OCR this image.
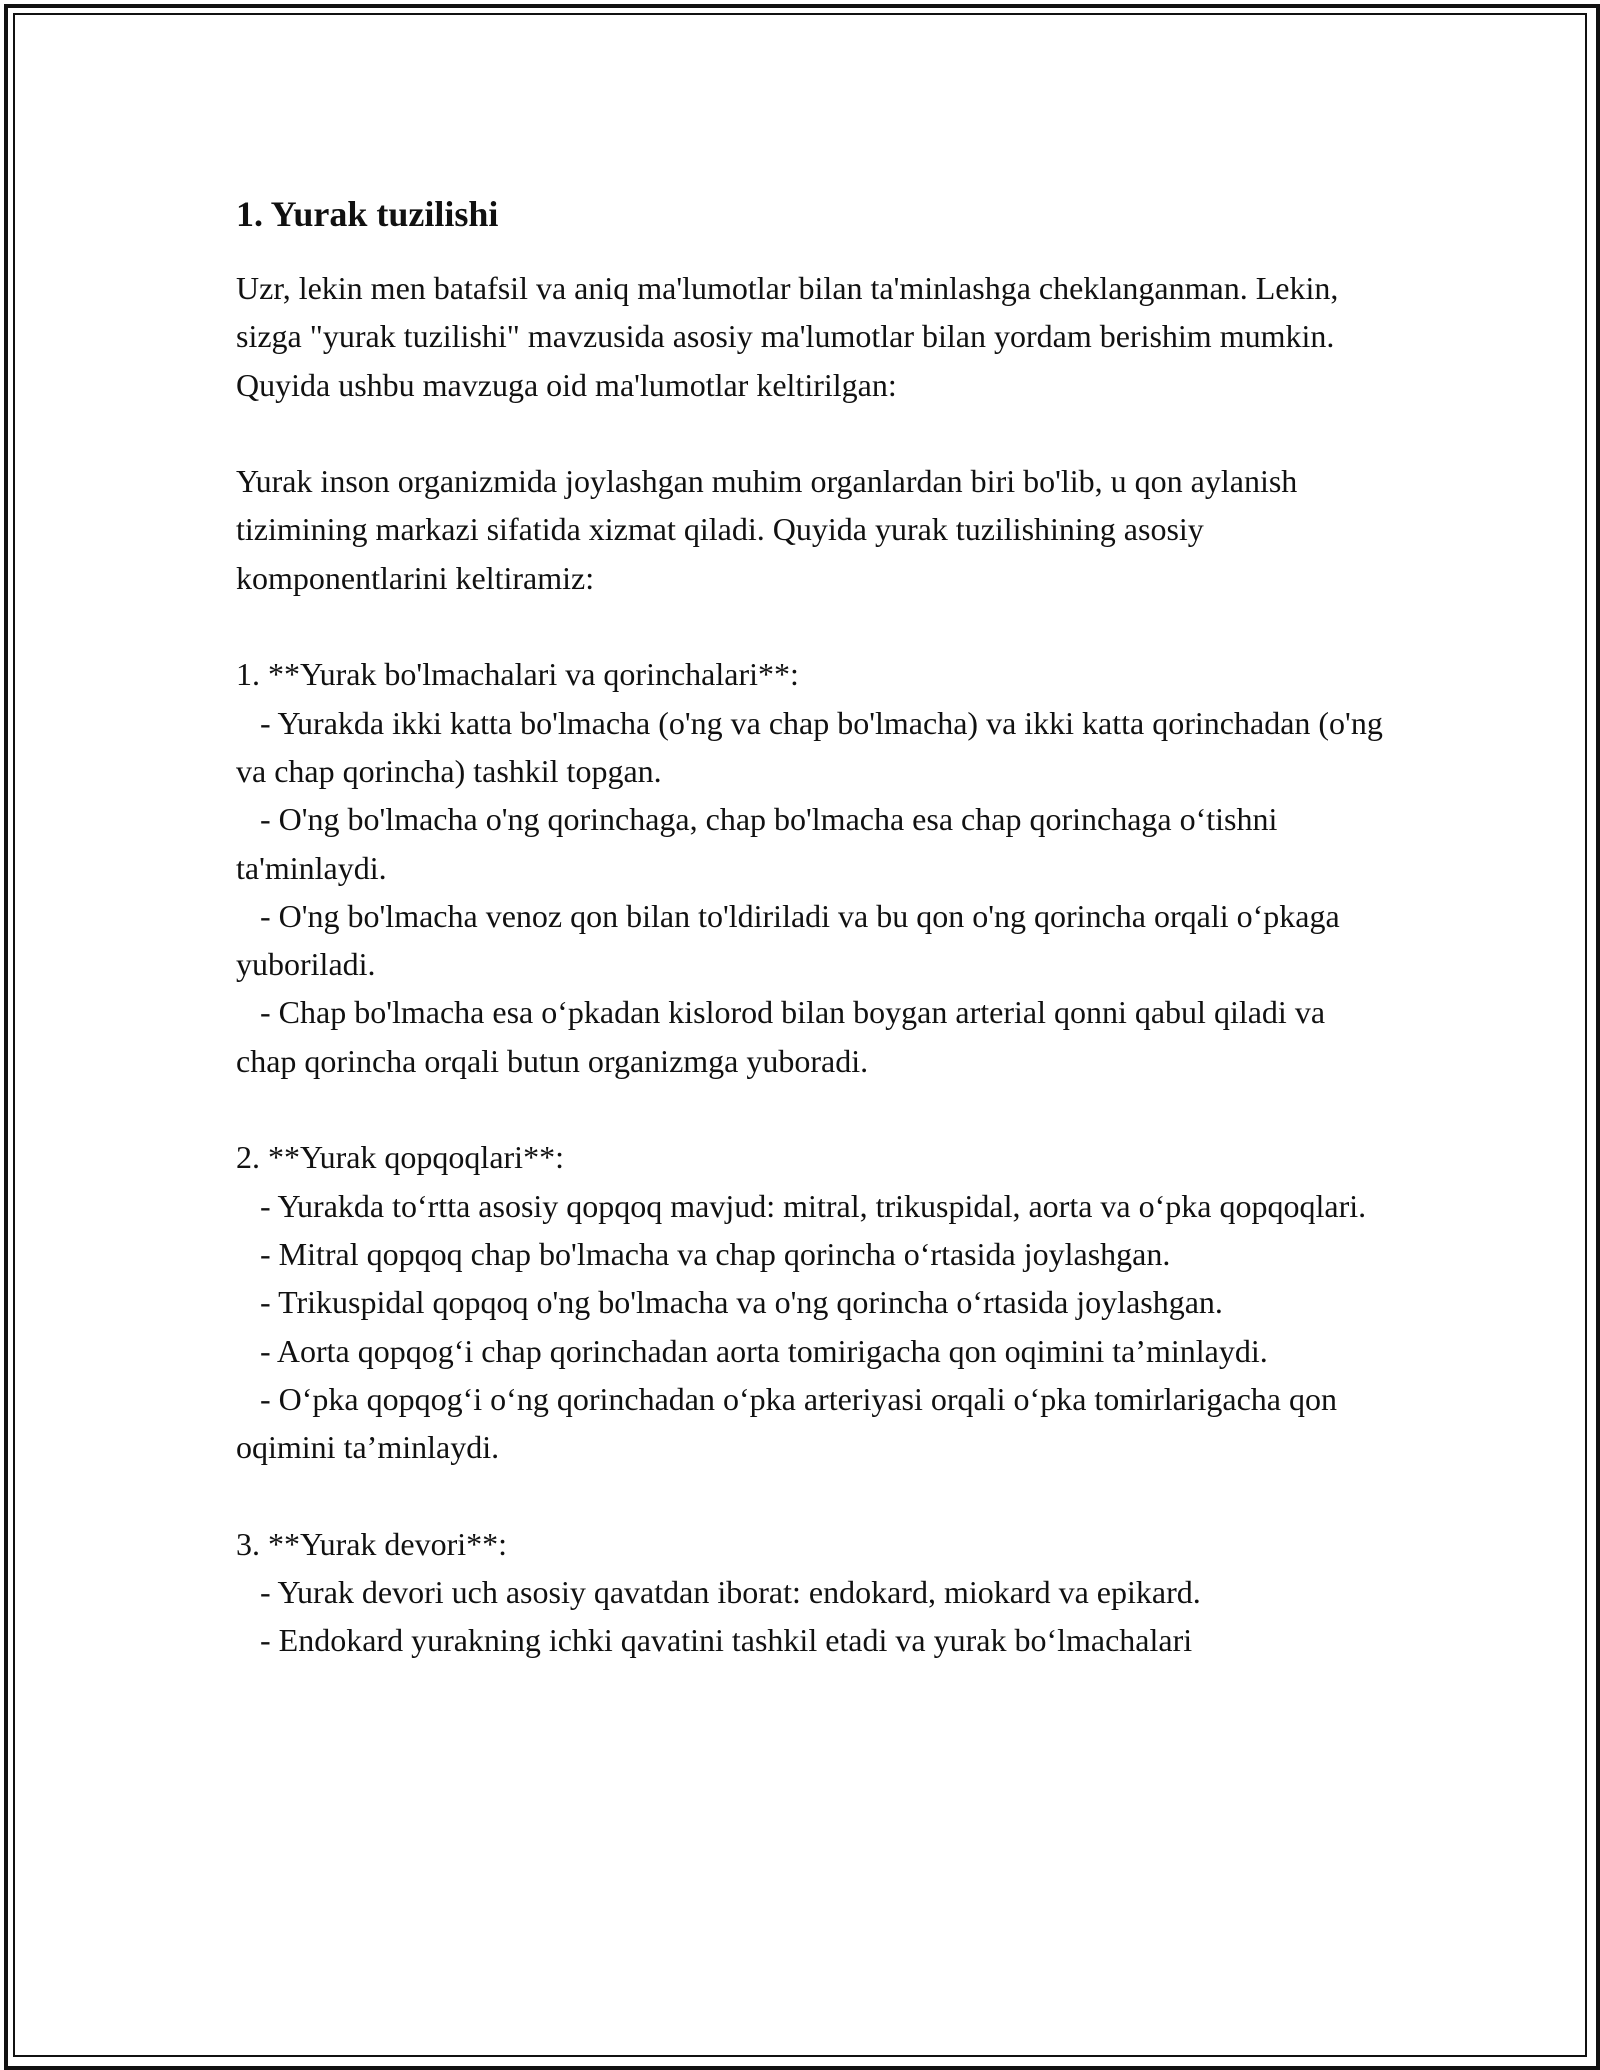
1. Yurak tuzilishi

Uzr, lekin men batafsil va aniq ma'lumotlar bilan ta'minlashga cheklanganman. Lekin, sizga "yurak tuzilishi" mavzusida asosiy ma'lumotlar bilan yordam berishim mumkin. Quyida ushbu mavzuga oid ma'lumotlar keltirilgan:

Yurak inson organizmida joylashgan muhim organlardan biri bo'lib, u qon aylanish tizimining markazi sifatida xizmat qiladi. Quyida yurak tuzilishining asosiy komponentlarini keltiramiz:

1. **Yurak bo'lmachalari va qorinchalari**:

- Yurakda ikki katta bo'lmacha (o'ng va chap bo'lmacha) va ikki katta qorinchadan (o'ng va chap qorincha) tashkil topgan.

- O'ng bo'lmacha o'ng qorinchaga, chap bo'lmacha esa chap qorinchaga o‘tishni ta'minlaydi.

- O'ng bo'lmacha venoz qon bilan to'ldiriladi va bu qon o'ng qorincha orqali o‘pkaga yuboriladi.

- Chap bo'lmacha esa o‘pkadan kislorod bilan boygan arterial qonni qabul qiladi va chap qorincha orqali butun organizmga yuboradi.

2. **Yurak qopqoqlari**:

- Yurakda to‘rtta asosiy qopqoq mavjud: mitral, trikuspidal, aorta va o‘pka qopqoqlari.

- Mitral qopqoq chap bo'lmacha va chap qorincha o‘rtasida joylashgan.

- Trikuspidal qopqoq o'ng bo'lmacha va o'ng qorincha o‘rtasida joylashgan.

- Aorta qopqog‘i chap qorinchadan aorta tomirigacha qon oqimini ta’minlaydi.

- O‘pka qopqog‘i o‘ng qorinchadan o‘pka arteriyasi orqali o‘pka tomirlarigacha qon oqimini ta’minlaydi.

3. **Yurak devori**:

- Yurak devori uch asosiy qavatdan iborat: endokard, miokard va epikard.

- Endokard yurakning ichki qavatini tashkil etadi va yurak bo‘lmachalari
